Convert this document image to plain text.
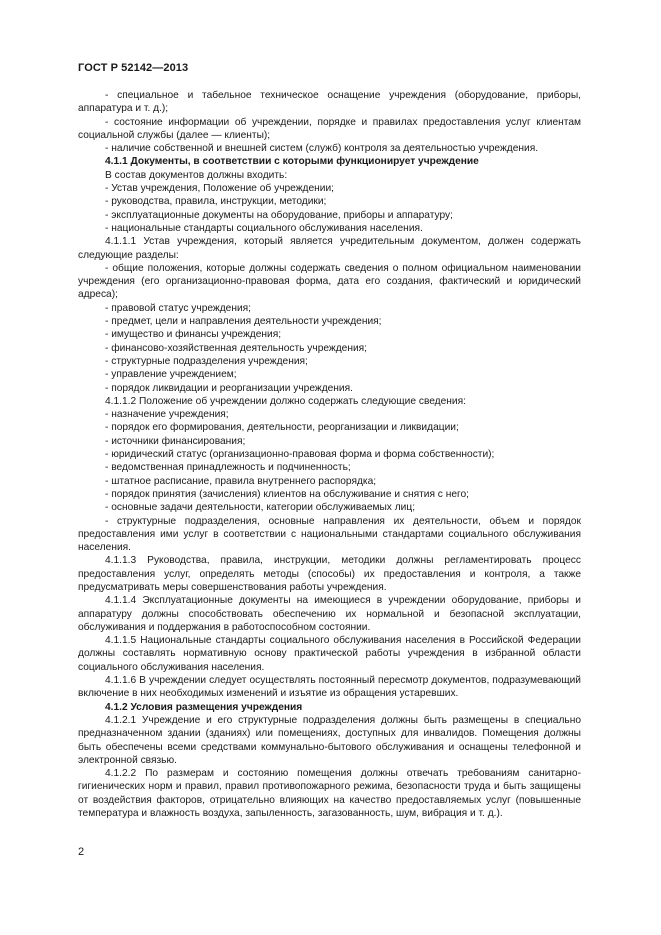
ГОСТ Р 52142—2013

- специальное и табельное техническое оснащение учреждения (оборудование, приборы, аппаратура и т. д.);

- состояние информации об учреждении, порядке и правилах предоставления услуг клиентам социальной службы (далее — клиенты);

- наличие собственной и внешней систем (служб) контроля за деятельностью учреждения.

4.1.1 Документы, в соответствии с которыми функционирует учреждение

В состав документов должны входить:

- Устав учреждения, Положение об учреждении;

- руководства, правила, инструкции, методики;

- эксплуатационные документы на оборудование, приборы и аппаратуру;

- национальные стандарты социального обслуживания населения.

4.1.1.1 Устав учреждения, который является учредительным документом, должен содержать следующие разделы:

- общие положения, которые должны содержать сведения о полном официальном наименовании учреждения (его организационно-правовая форма, дата его создания, фактический и юридический адреса);

- правовой статус учреждения;

- предмет, цели и направления деятельности учреждения;

- имущество и финансы учреждения;

- финансово-хозяйственная деятельность учреждения;

- структурные подразделения учреждения;

- управление учреждением;

- порядок ликвидации и реорганизации учреждения.

4.1.1.2 Положение об учреждении должно содержать следующие сведения:

- назначение учреждения;

- порядок его формирования, деятельности, реорганизации и ликвидации;

- источники финансирования;

- юридический статус (организационно-правовая форма и форма собственности);

- ведомственная принадлежность и подчиненность;

- штатное расписание, правила внутреннего распорядка;

- порядок принятия (зачисления) клиентов на обслуживание и снятия с него;

- основные задачи деятельности, категории обслуживаемых лиц;

- структурные подразделения, основные направления их деятельности, объем и порядок предоставления ими услуг в соответствии с национальными стандартами социального обслуживания населения.

4.1.1.3 Руководства, правила, инструкции, методики должны регламентировать процесс предоставления услуг, определять методы (способы) их предоставления и контроля, а также предусматривать меры совершенствования работы учреждения.

4.1.1.4 Эксплуатационные документы на имеющиеся в учреждении оборудование, приборы и аппаратуру должны способствовать обеспечению их нормальной и безопасной эксплуатации, обслуживания и поддержания в работоспособном состоянии.

4.1.1.5 Национальные стандарты социального обслуживания населения в Российской Федерации должны составлять нормативную основу практической работы учреждения в избранной области социального обслуживания населения.

4.1.1.6 В учреждении следует осуществлять постоянный пересмотр документов, подразумевающий включение в них необходимых изменений и изъятие из обращения устаревших.

4.1.2 Условия размещения учреждения

4.1.2.1 Учреждение и его структурные подразделения должны быть размещены в специально предназначенном здании (зданиях) или помещениях, доступных для инвалидов. Помещения должны быть обеспечены всеми средствами коммунально-бытового обслуживания и оснащены телефонной и электронной связью.

4.1.2.2 По размерам и состоянию помещения должны отвечать требованиям санитарно-гигиенических норм и правил, правил противопожарного режима, безопасности труда и быть защищены от воздействия факторов, отрицательно влияющих на качество предоставляемых услуг (повышенные температура и влажность воздуха, запыленность, загазованность, шум, вибрация и т. д.).

2
